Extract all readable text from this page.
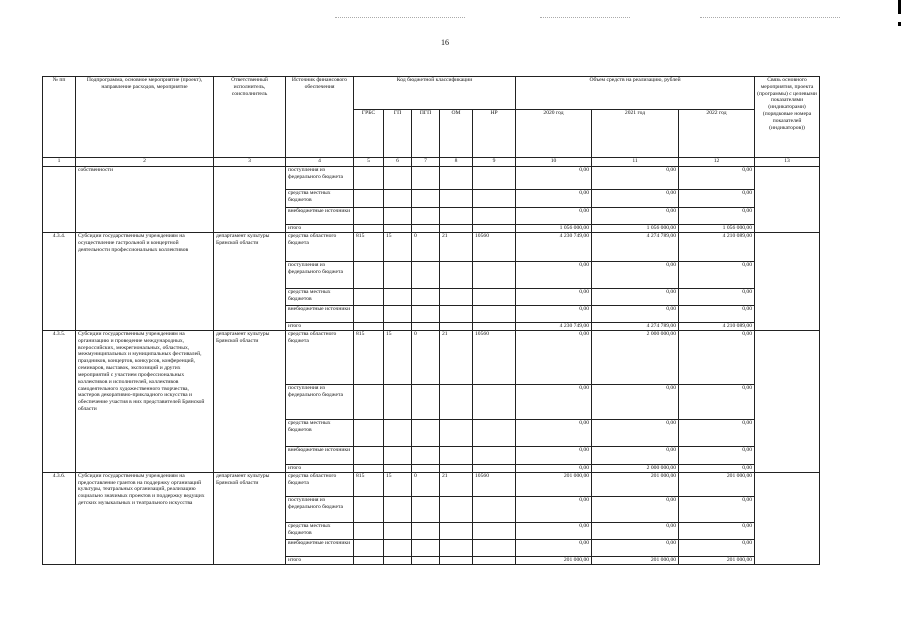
16
№ пп	Подпрограмма, основное мероприятие (проект), направление расходов, мероприятие	Ответственный исполнитель, соисполнитель	Источник финансового обеспечения	Код бюджетной классификации					Объем средств на реализацию, рублей			Связь основного мероприятия, проекта (программы) с целевыми показателями (индикаторами) (порядковые номера показателей (индикаторов))
				ГРБС	ГП	ПГП	ОМ	НР	2020 год	2021 год	2022 год	
1	2	3	4	5	6	7	8	9	10	11	12	13
	собственности		поступления из федерального бюджета						0,00	0,00	0,00	
			средства местных бюджетов						0,00	0,00	0,00	
			внебюджетные источники						0,00	0,00	0,00	
			итого						1 056 000,00	1 056 000,00	1 056 000,00	
4.3.4.	Субсидии государственным учреждениям на осуществление гастрольной и концертной деятельности профессиональных коллективов	департамент культуры Брянской области	средства областного бюджета	815	15	0	21	10560	4 230 749,00	4 274 789,00	4 210 089,00	
			поступления из федерального бюджета						0,00	0,00	0,00	
			средства местных бюджетов						0,00	0,00	0,00	
			внебюджетные источники						0,00	0,00	0,00	
			итого						4 230 749,00	4 274 789,00	4 210 089,00	
4.3.5.	Субсидии государственным учреждениям на организацию и проведение международных, всероссийских, межрегиональных, областных, межмуниципальных и муниципальных фестивалей, праздников, концертов, конкурсов, конференций, семинаров, выставок, экспозиций и других мероприятий с участием профессиональных коллективов и исполнителей, коллективов самодеятельного художественного творчества, мастеров декоративно-прикладного искусства и обеспечение участия в них представителей Брянской области	департамент культуры Брянской области	средства областного бюджета	815	15	0	21	10560	0,00	2 000 000,00	0,00	
			поступления из федерального бюджета						0,00	0,00	0,00	
			средства местных бюджетов						0,00	0,00	0,00	
			внебюджетные источники						0,00	0,00	0,00	
			итого						0,00	2 000 000,00	0,00	
4.3.6.	Субсидии государственным учреждениям на предоставление грантов на поддержку организаций культуры, театральных организаций, реализацию социально значимых проектов и поддержку ведущих детских музыкальных и театрального искусства	департамент культуры Брянской области	средства областного бюджета	815	15	0	21	10560	201 000,00	201 000,00	201 000,00	
			поступления из федерального бюджета						0,00	0,00	0,00	
			средства местных бюджетов						0,00	0,00	0,00	
			внебюджетные источники						0,00	0,00	0,00	
			итого						201 000,00	201 000,00	201 000,00	
